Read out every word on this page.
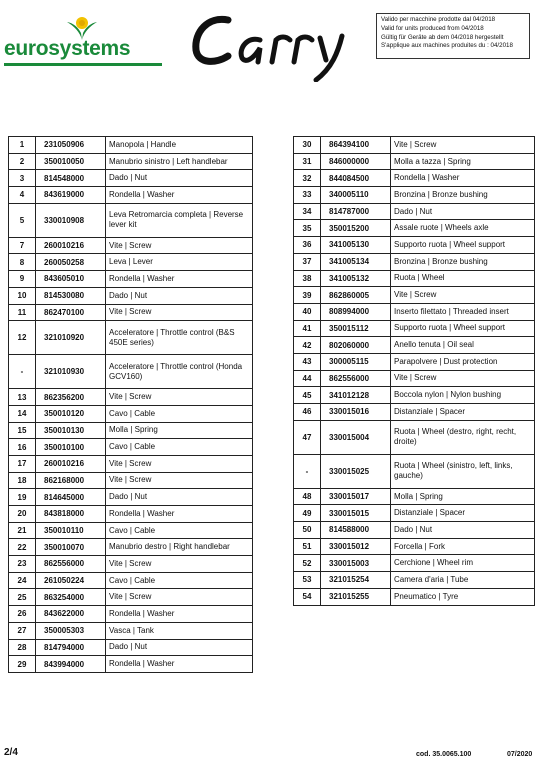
eurosystems
Valido per macchine prodotte dal 04/2018
Valid for units produced from 04/2018
Gültig für Geräte ab dem 04/2018 hergestellt
S'applique aux machines produites du : 04/2018
1	231050906	Manopola | Handle
2	350010050	Manubrio sinistro | Left handlebar
3	814548000	Dado | Nut
4	843619000	Rondella | Washer
5	330010908	Leva Retromarcia completa | Reverse lever kit
7	260010216	Vite | Screw
8	260050258	Leva | Lever
9	843605010	Rondella | Washer
10	814530080	Dado | Nut
11	862470100	Vite | Screw
12	321010920	Acceleratore | Throttle control (B&S 450E series)
-	321010930	Acceleratore | Throttle control (Honda GCV160)
13	862356200	Vite | Screw
14	350010120	Cavo | Cable
15	350010130	Molla | Spring
16	350010100	Cavo | Cable
17	260010216	Vite | Screw
18	862168000	Vite | Screw
19	814645000	Dado | Nut
20	843818000	Rondella | Washer
21	350010110	Cavo | Cable
22	350010070	Manubrio destro | Right handlebar
23	862556000	Vite | Screw
24	261050224	Cavo | Cable
25	863254000	Vite | Screw
26	843622000	Rondella | Washer
27	350005303	Vasca | Tank
28	814794000	Dado | Nut
29	843994000	Rondella | Washer
30	864394100	Vite | Screw
31	846000000	Molla a tazza | Spring
32	844084500	Rondella | Washer
33	340005110	Bronzina | Bronze bushing
34	814787000	Dado | Nut
35	350015200	Assale ruote | Wheels axle
36	341005130	Supporto ruota | Wheel support
37	341005134	Bronzina | Bronze bushing
38	341005132	Ruota | Wheel
39	862860005	Vite | Screw
40	808994000	Inserto filettato | Threaded insert
41	350015112	Supporto ruota | Wheel support
42	802060000	Anello tenuta | Oil seal
43	300005115	Parapolvere | Dust protection
44	862556000	Vite | Screw
45	341012128	Boccola nylon | Nylon bushing
46	330015016	Distanziale | Spacer
47	330015004	Ruota | Wheel (destro, right, recht, droite)
-	330015025	Ruota | Wheel (sinistro, left, links, gauche)
48	330015017	Molla | Spring
49	330015015	Distanziale | Spacer
50	814588000	Dado | Nut
51	330015012	Forcella | Fork
52	330015003	Cerchione | Wheel rim
53	321015254	Camera d'aria | Tube
54	321015255	Pneumatico | Tyre
2/4	cod. 35.0065.100	07/2020
